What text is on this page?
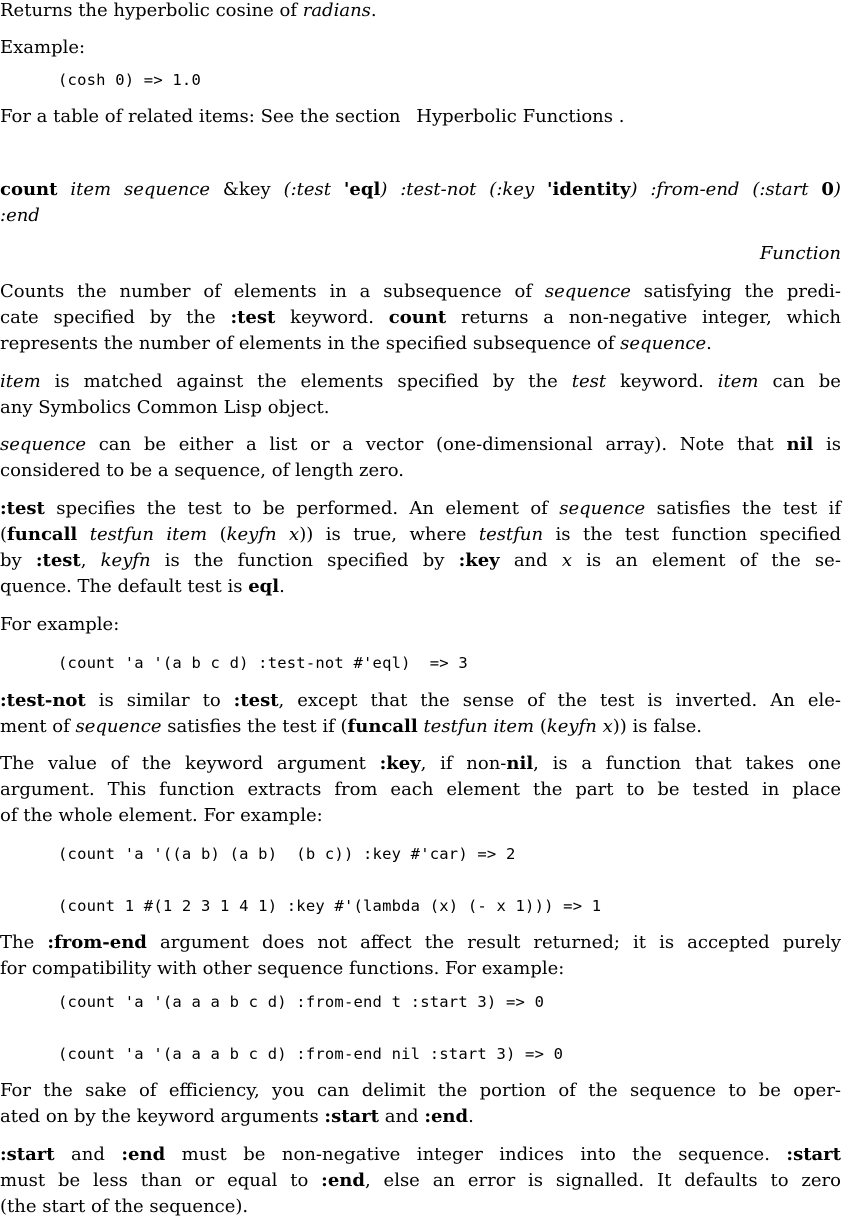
Returns the hyperbolic cosine of radians.
Example:
(cosh 0) => 1.0
For a table of related items: See the section Hyperbolic Functions .
count item sequence &key (:test 'eql) :test-not (:key 'identity) :from-end (:start 0)
:end
Function
Counts the number of elements in a subsequence of sequence satisfying the predi-
cate specified by the :test keyword. count returns a non-negative integer, which
represents the number of elements in the specified subsequence of sequence.
item is matched against the elements specified by the test keyword. item can be
any Symbolics Common Lisp object.
sequence can be either a list or a vector (one-dimensional array). Note that nil is
considered to be a sequence, of length zero.
:test specifies the test to be performed. An element of sequence satisfies the test if
(funcall testfun item (keyfn x)) is true, where testfun is the test function specified
by :test, keyfn is the function specified by :key and x is an element of the se-
quence. The default test is eql.
For example:
(count 'a '(a b c d) :test-not #'eql)  => 3
:test-not is similar to :test, except that the sense of the test is inverted. An ele-
ment of sequence satisfies the test if (funcall testfun item (keyfn x)) is false.
The value of the keyword argument :key, if non-nil, is a function that takes one
argument. This function extracts from each element the part to be tested in place
of the whole element. For example:
(count 'a '((a b) (a b)  (b c)) :key #'car) => 2
(count 1 #(1 2 3 1 4 1) :key #'(lambda (x) (- x 1))) => 1
The :from-end argument does not affect the result returned; it is accepted purely
for compatibility with other sequence functions. For example:
(count 'a '(a a a b c d) :from-end t :start 3) => 0
(count 'a '(a a a b c d) :from-end nil :start 3) => 0
For the sake of efficiency, you can delimit the portion of the sequence to be oper-
ated on by the keyword arguments :start and :end.
:start and :end must be non-negative integer indices into the sequence. :start
must be less than or equal to :end, else an error is signalled. It defaults to zero
(the start of the sequence).
